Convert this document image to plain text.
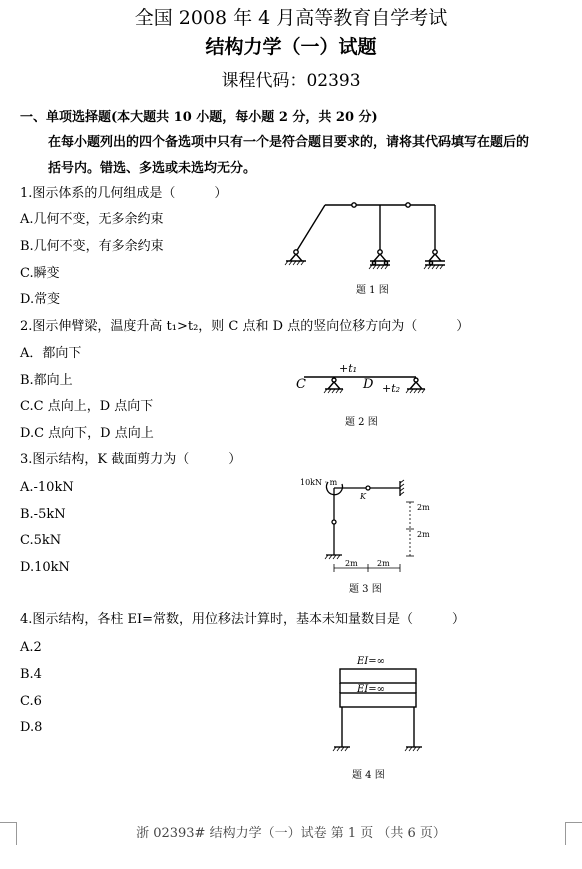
全国 2008 年 4 月高等教育自学考试
结构力学（一）试题
课程代码：02393
一、单项选择题(本大题共 10 小题，每小题 2 分，共 20 分)
在每小题列出的四个备选项中只有一个是符合题目要求的，请将其代码填写在题后的
括号内。错选、多选或未选均无分。
1.图示体系的几何组成是（　　　）
A.几何不变，无多余约束
B.几何不变，有多余约束
C.瞬变
D.常变
题 1 图
2.图示伸臂梁，温度升高 t₁>t₂，则 C 点和 D 点的竖向位移方向为（　　　）
A．都向下
B.都向上
C.C 点向上，D 点向下
D.C 点向下，D 点向上
C	D
+t₁
+t₂
题 2 图
3.图示结构，K 截面剪力为（　　　）
A.-10kN
B.-5kN
C.5kN
D.10kN
10kN · m
K
2m
2m
2m 2m
题 3 图
4.图示结构，各柱 EI=常数，用位移法计算时，基本未知量数目是（　　　）
A.2
B.4
C.6
D.8
EI=∞
EI=∞
题 4 图
浙 02393# 结构力学（一）试卷 第 1 页 （共 6 页）
